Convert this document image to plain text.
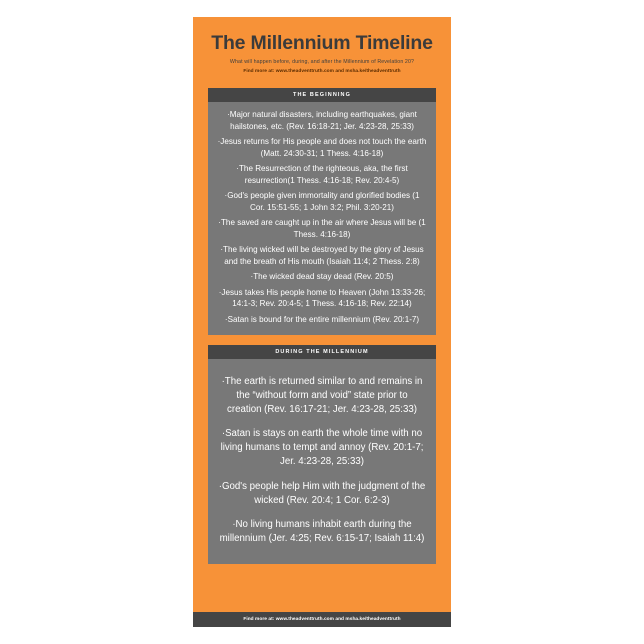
The Millennium Timeline
What will happen before, during, and after the Millennium of Revelation 20?
Find more at: www.theadventtruth.com and msha.ke/theadventtruth
THE BEGINNING

·Major natural disasters, including earthquakes, giant hailstones, etc. (Rev. 16:18-21; Jer. 4:23-28, 25:33)

·Jesus returns for His people and does not touch the earth (Matt. 24:30-31; 1 Thess. 4:16-18)

·The Resurrection of the righteous, aka, the first resurrection(1 Thess. 4:16-18; Rev. 20:4-5)

·God's people given immortality and glorified bodies (1 Cor. 15:51-55; 1 John 3:2; Phil. 3:20-21)

·The saved are caught up in the air where Jesus will be (1 Thess. 4:16-18)

·The living wicked will be destroyed by the glory of Jesus and the breath of His mouth (Isaiah 11:4; 2 Thess. 2:8)

·The wicked dead stay dead (Rev. 20:5)

·Jesus takes His people home to Heaven (John 13:33-26; 14:1-3; Rev. 20:4-5; 1 Thess. 4:16-18; Rev. 22:14)

·Satan is bound for the entire millennium (Rev. 20:1-7)

DURING THE MILLENNIUM

·The earth is returned similar to and remains in the “without form and void” state prior to creation (Rev. 16:17-21; Jer. 4:23-28, 25:33)

·Satan is stays on earth the whole time with no living humans to tempt and annoy (Rev. 20:1-7; Jer. 4:23-28, 25:33)

·God's people help Him with the judgment of the wicked (Rev. 20:4; 1 Cor. 6:2-3)

·No living humans inhabit earth during the millennium (Jer. 4:25; Rev. 6:15-17; Isaiah 11:4)

Find more at: www.theadventtruth.com and msha.ke/theadventtruth
